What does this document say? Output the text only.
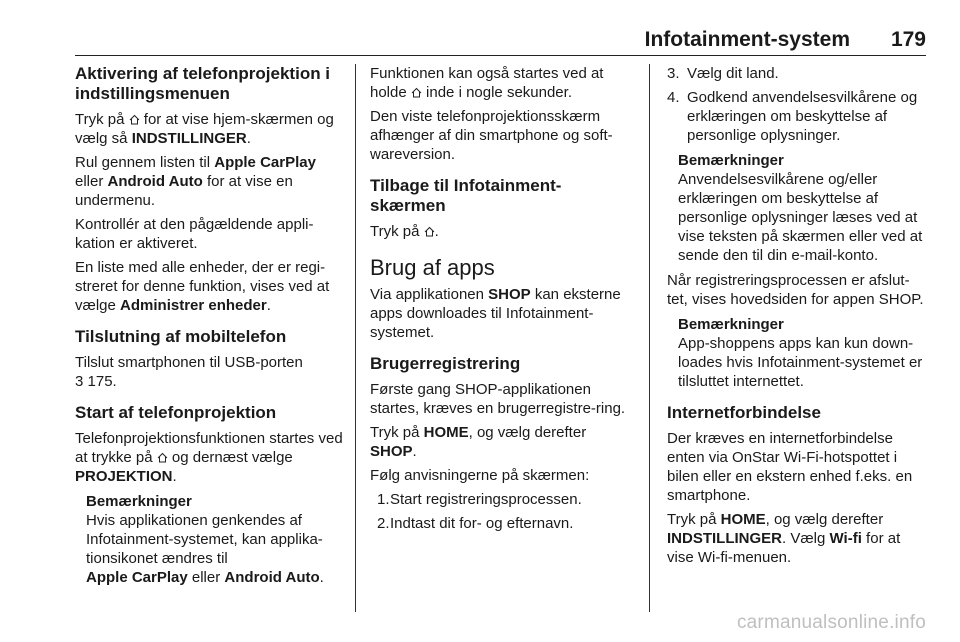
Infotainment-system 179
Aktivering af telefonprojektion i indstillingsmenuen

Tryk på
for at vise hjem-skærmen og vælg så INDSTILLINGER.

Rul gennem listen til Apple CarPlay eller Android Auto for at vise en undermenu.

Kontrollér at den pågældende appli-kation er aktiveret.

En liste med alle enheder, der er regi-streret for denne funktion, vises ved at vælge Administrer enheder.

Tilslutning af mobiltelefon

Tilslut smartphonen til USB-porten
3 175.

Start af telefonprojektion

Telefonprojektionsfunktionen startes ved at trykke på
og dernæst vælge PROJEKTION.

Bemærkninger
Hvis applikationen genkendes af Infotainment-systemet, kan applika-tionsikonet ændres til
Apple CarPlay eller Android Auto.

Funktionen kan også startes ved at holde
inde i nogle sekunder.

Den viste telefonprojektionsskærm afhænger af din smartphone og soft-wareversion.

Tilbage til Infotainment-skærmen

Tryk på
.

Brug af apps

Via applikationen SHOP kan eksterne apps downloades til Infotainment-systemet.

Brugerregistrering

Første gang SHOP-applikationen startes, kræves en brugerregistre-ring.

Tryk på HOME, og vælg derefter SHOP.

Følg anvisningerne på skærmen:

1. Start registreringsprocessen.
2. Indtast dit for- og efternavn.
3. Vælg dit land.
4. Godkend anvendelsesvilkårene og erklæringen om beskyttelse af personlige oplysninger.
Bemærkninger
Anvendelsesvilkårene og/eller erklæringen om beskyttelse af personlige oplysninger læses ved at vise teksten på skærmen eller ved at sende den til din e-mail-konto.

Når registreringsprocessen er afslut-tet, vises hovedsiden for appen SHOP.

Bemærkninger
App-shoppens apps kan kun down-loades hvis Infotainment-systemet er tilsluttet internettet.
Internetforbindelse

Der kræves en internetforbindelse enten via OnStar Wi-Fi-hotspottet i bilen eller en ekstern enhed f.eks. en smartphone.

Tryk på HOME, og vælg derefter INDSTILLINGER. Vælg Wi-fi for at vise Wi-fi-menuen.

carmanualsonline.info
